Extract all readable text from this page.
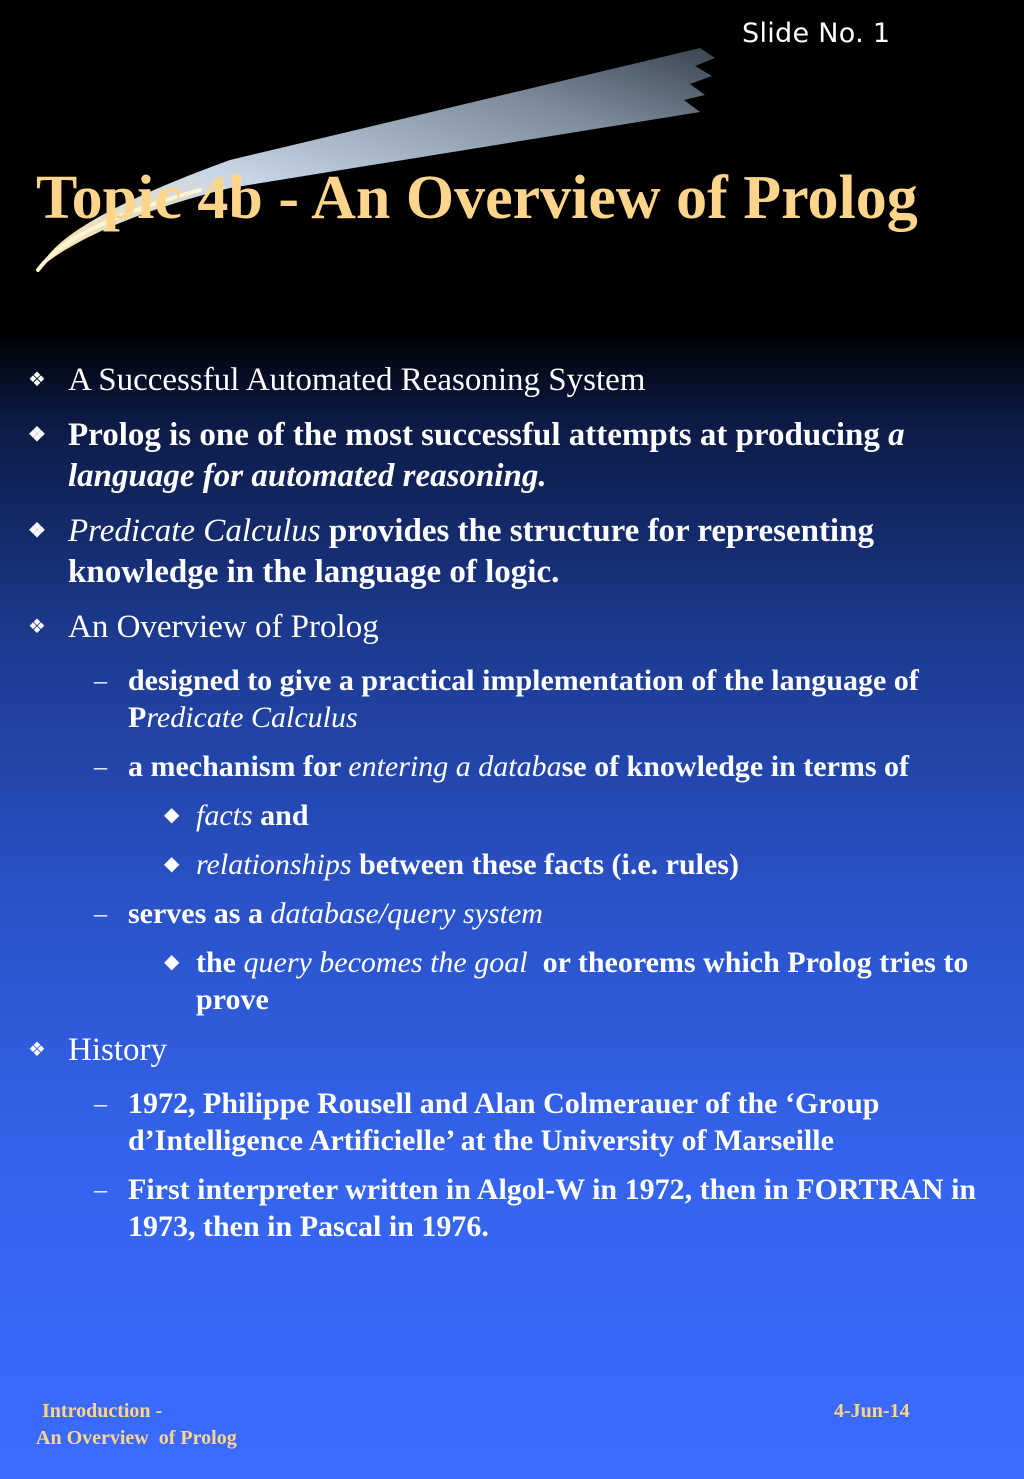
Slide No. 1
Topic 4b - An Overview of Prolog
❖ A Successful Automated Reasoning System
❖ Prolog is one of the most successful attempts at producing a language for automated reasoning.
❖ Predicate Calculus provides the structure for representing knowledge in the language of logic.
❖ An Overview of Prolog
– designed to give a practical implementation of the language of Predicate Calculus
– a mechanism for entering a database of knowledge in terms of
◆ facts and
◆ relationships between these facts (i.e. rules)
– serves as a database/query system
◆ the query becomes the goal  or theorems which Prolog tries to prove
❖ History
– 1972, Philippe Rousell and Alan Colmerauer of the ‘Group d’Intelligence Artificielle’ at the University of Marseille
– First interpreter written in Algol-W in 1972, then in FORTRAN in 1973, then in Pascal in 1976.
Introduction -
An Overview  of Prolog
4-Jun-14
